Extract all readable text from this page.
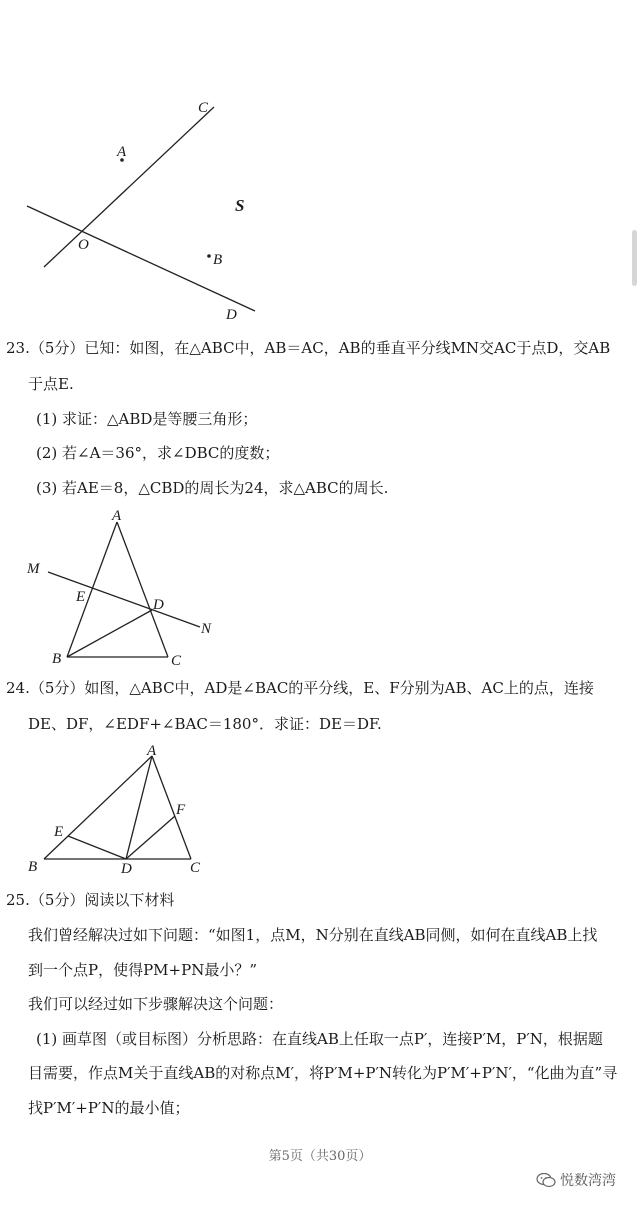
C
A
S
O
B
D
23.（5分）已知：如图，在△ABC中，AB＝AC，AB的垂直平分线MN交AC于点D，交AB
于点E.
(1) 求证：△ABD是等腰三角形；
(2) 若∠A＝36°，求∠DBC的度数；
(3) 若AE＝8，△CBD的周长为24，求△ABC的周长.
A
M
E	D
N
B	C
24.（5分）如图，△ABC中，AD是∠BAC的平分线，E、F分别为AB、AC上的点，连接
DE、DF，∠EDF+∠BAC＝180°．求证：DE＝DF.
A
F
E
B	D	C
25.（5分）阅读以下材料
我们曾经解决过如下问题：“如图1，点M，N分别在直线AB同侧，如何在直线AB上找
到一个点P，使得PM+PN最小？”
我们可以经过如下步骤解决这个问题：
(1) 画草图（或目标图）分析思路：在直线AB上任取一点P′，连接P′M，P′N，根据题
目需要，作点M关于直线AB的对称点M′，将P′M+P′N转化为P′M′+P′N′，“化曲为直”寻
找P′M′+P′N的最小值；
第5页（共30页）
悦数湾湾
